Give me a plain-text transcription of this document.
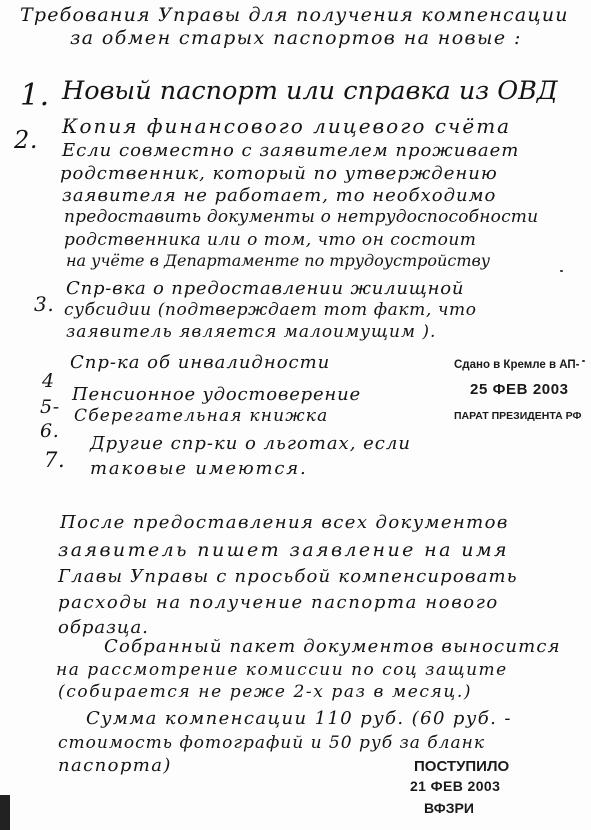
Требования Управы для получения компенсации
за обмен старых паспортов на новые :
1. Новый паспорт или справка из ОВД
2. Копия финансового лицевого счёта
Если совместно с заявителем проживает
родственник, который по утверждению
заявителя не работает, то необходимо
предоставить документы о нетрудоспособности
родственника или о том, что он состоит
на учёте в Департаменте по трудоустройству
3.
Спр-вка о предоставлении жилищной
субсидии (подтверждает тот факт, что
заявитель является малоимущим ).
4
Спр-ка об инвалидности
5-
Пенсионное удостоверение
6.
Сберегательная книжка
7.
Другие спр-ки о льготах, если
таковые имеются.
После предоставления всех документов
заявитель пишет заявление на имя
Главы Управы с просьбой компенсировать
расходы на получение паспорта нового
образца.
Собранный пакет документов выносится
на рассмотрение комиссии по соц защите
(собирается не реже 2-х раз в месяц.)
Сумма компенсации 110 руб. (60 руб. -
стоимость фотографий и 50 руб за бланк
паспорта)
Сдано в Кремле в АП-
25 ФЕВ 2003
ПАРАТ ПРЕЗИДЕНТА РФ
ПОСТУПИЛО
21 ФЕВ 2003
ВФЗРИ
